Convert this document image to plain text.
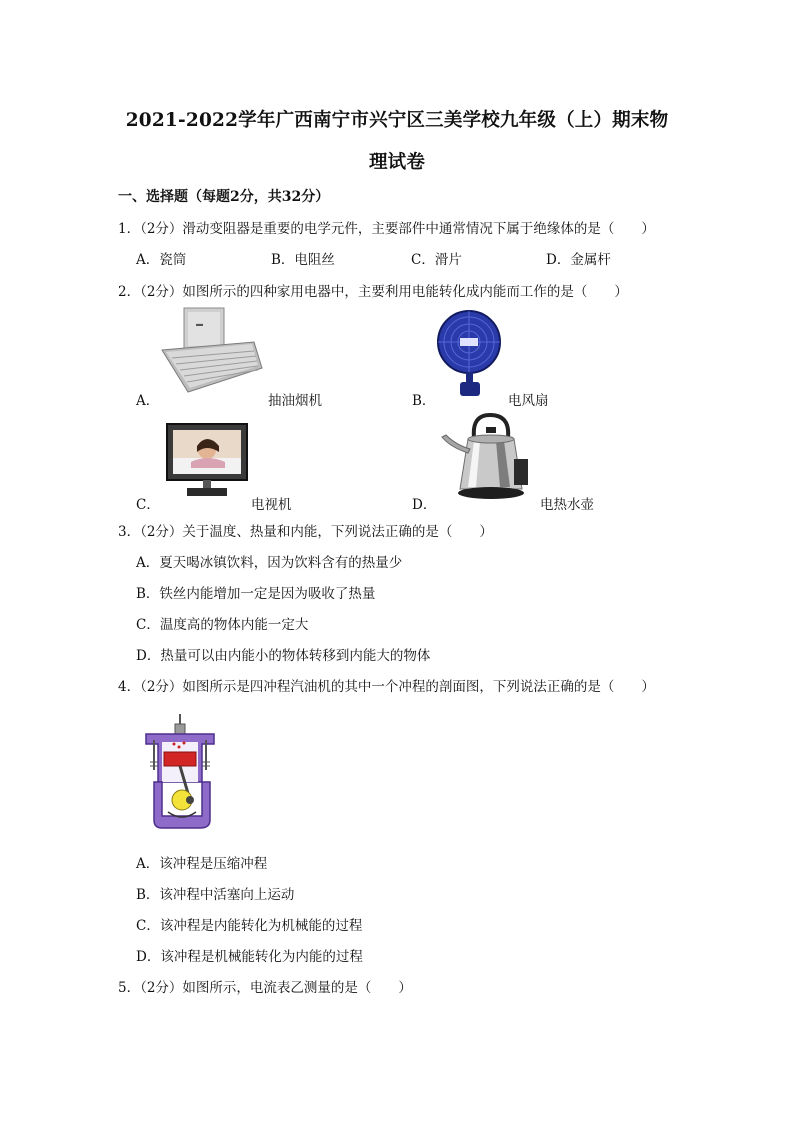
2021-2022学年广西南宁市兴宁区三美学校九年级（上）期末物
理试卷
一、选择题（每题2分，共32分）
1．（2分）滑动变阻器是重要的电学元件，主要部件中通常情况下属于绝缘体的是（　　）
A．瓷筒	B．电阻丝	C．滑片	D．金属杆
2．（2分）如图所示的四种家用电器中，主要利用电能转化成内能而工作的是（　　）
A．
▬
抽油烟机	B．	电风扇
C．	电视机	D．	电热水壶
3．（2分）关于温度、热量和内能，下列说法正确的是（　　）
A．夏天喝冰镇饮料，因为饮料含有的热量少
B．铁丝内能增加一定是因为吸收了热量
C．温度高的物体内能一定大
D．热量可以由内能小的物体转移到内能大的物体
4．（2分）如图所示是四冲程汽油机的其中一个冲程的剖面图，下列说法正确的是（　　）
A．该冲程是压缩冲程
B．该冲程中活塞向上运动
C．该冲程是内能转化为机械能的过程
D．该冲程是机械能转化为内能的过程
5．（2分）如图所示，电流表乙测量的是（　　）
